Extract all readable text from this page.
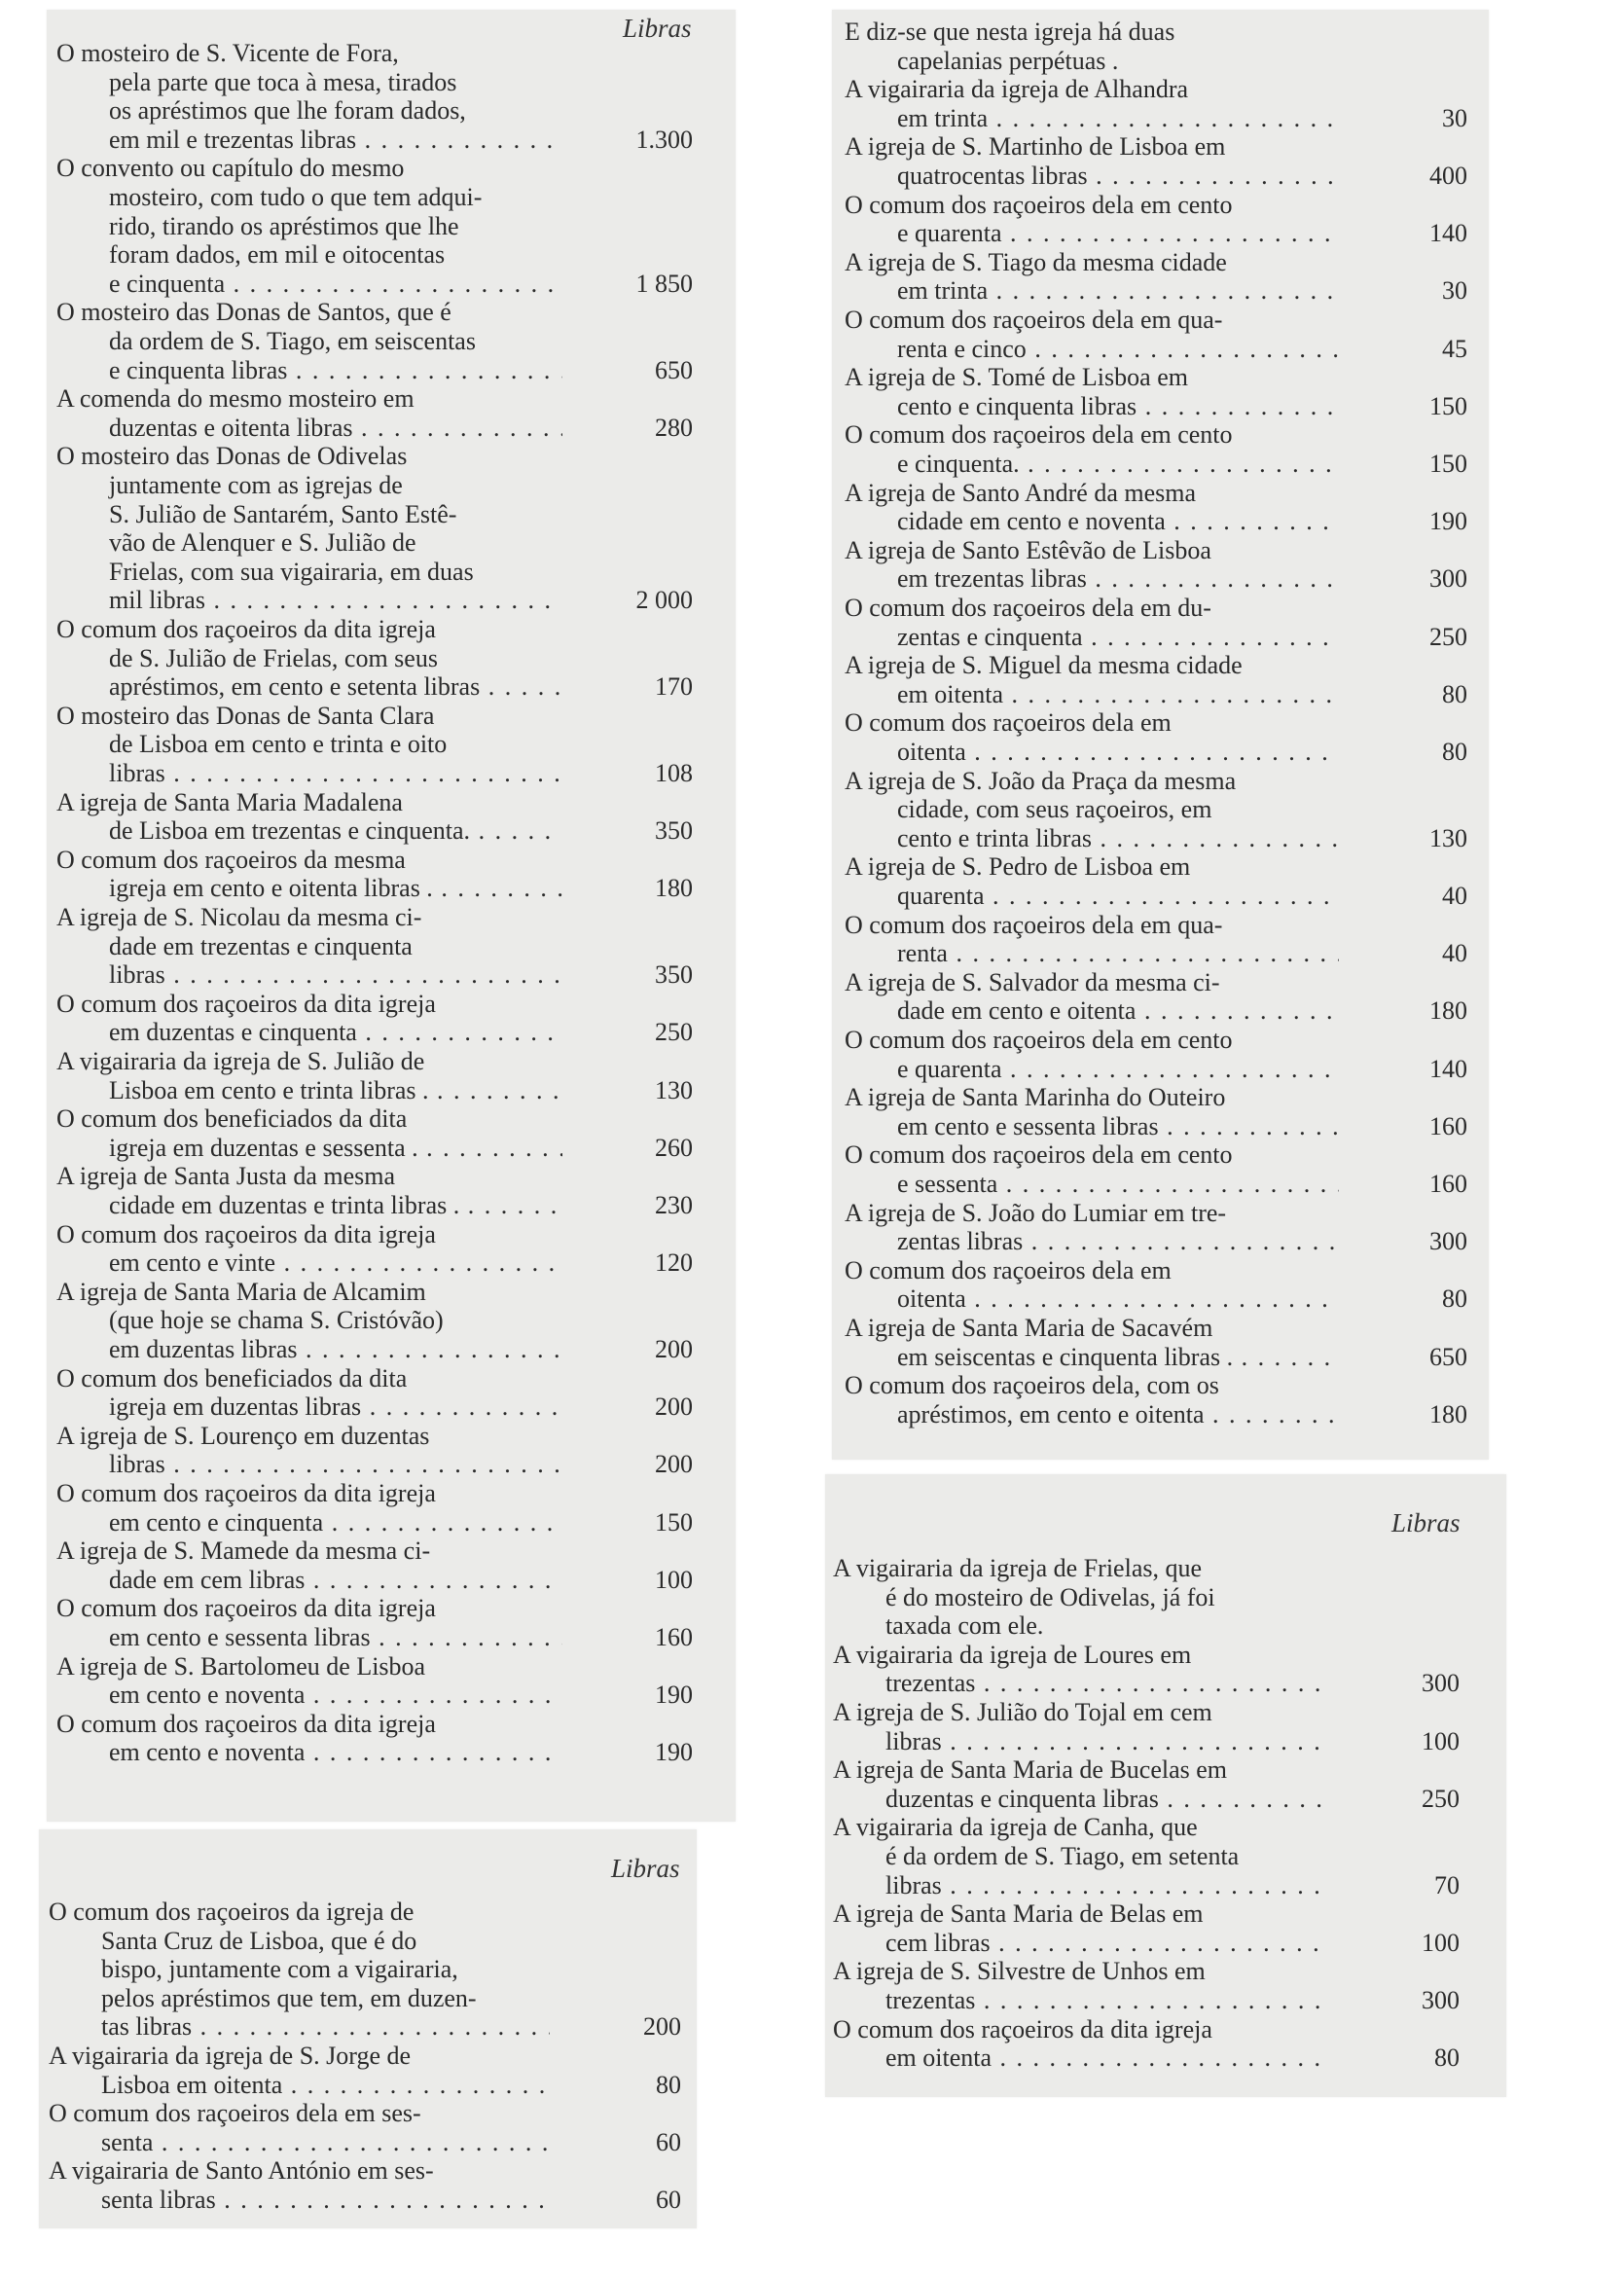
Libras
Libras
Libras
O mosteiro de S. Vicente de Fora,
pela parte que toca à mesa, tirados
os apréstimos que lhe foram dados,
em mil e trezentas libras . . .	1.300
O convento ou capítulo do mesmo
mosteiro, com tudo o que tem adqui-
rido, tirando os apréstimos que lhe
foram dados, em mil e oitocentas
e cinquenta . . .	1 850
O mosteiro das Donas de Santos, que é
da ordem de S. Tiago, em seiscentas
e cinquenta libras . . .	650
A comenda do mesmo mosteiro em
duzentas e oitenta libras . . .	280
O mosteiro das Donas de Odivelas
juntamente com as igrejas de
S. Julião de Santarém, Santo Estê-
vão de Alenquer e S. Julião de
Frielas, com sua vigairaria, em duas
mil libras . . .	2 000
O comum dos raçoeiros da dita igreja
de S. Julião de Frielas, com seus
apréstimos, em cento e setenta libras . . .	170
O mosteiro das Donas de Santa Clara
de Lisboa em cento e trinta e oito
libras . . .	108
A igreja de Santa Maria Madalena
de Lisboa em trezentas e cinquenta. . . .	350
O comum dos raçoeiros da mesma
igreja em cento e oitenta libras . . . .	180
A igreja de S. Nicolau da mesma ci-
dade em trezentas e cinquenta
libras . . .	350
O comum dos raçoeiros da dita igreja
em duzentas e cinquenta . . .	250
A vigairaria da igreja de S. Julião de
Lisboa em cento e trinta libras . . . .	130
O comum dos beneficiados da dita
igreja em duzentas e sessenta . . . .	260
A igreja de Santa Justa da mesma
cidade em duzentas e trinta libras . . . .	230
O comum dos raçoeiros da dita igreja
em cento e vinte . . .	120
A igreja de Santa Maria de Alcamim
(que hoje se chama S. Cristóvão)
em duzentas libras . . .	200
O comum dos beneficiados da dita
igreja em duzentas libras . . .	200
A igreja de S. Lourenço em duzentas
libras . . .	200
O comum dos raçoeiros da dita igreja
em cento e cinquenta . . .	150
A igreja de S. Mamede da mesma ci-
dade em cem libras . . .	100
O comum dos raçoeiros da dita igreja
em cento e sessenta libras . . .	160
A igreja de S. Bartolomeu de Lisboa
em cento e noventa . . .	190
O comum dos raçoeiros da dita igreja
em cento e noventa . . .	190
O comum dos raçoeiros da igreja de
Santa Cruz de Lisboa, que é do
bispo, juntamente com a vigairaria,
pelos apréstimos que tem, em duzen-
tas libras . . .	200
A vigairaria da igreja de S. Jorge de
Lisboa em oitenta . . .	80
O comum dos raçoeiros dela em ses-
senta . . .	60
A vigairaria de Santo António em ses-
senta libras . . .	60
E diz-se que nesta igreja há duas
capelanias perpétuas .
A vigairaria da igreja de Alhandra
em trinta . . .	30
A igreja de S. Martinho de Lisboa em
quatrocentas libras . . .	400
O comum dos raçoeiros dela em cento
e quarenta . . .	140
A igreja de S. Tiago da mesma cidade
em trinta . . .	30
O comum dos raçoeiros dela em qua-
renta e cinco . . .	45
A igreja de S. Tomé de Lisboa em
cento e cinquenta libras . . .	150
O comum dos raçoeiros dela em cento
e cinquenta. . . .	150
A igreja de Santo André da mesma
cidade em cento e noventa . . .	190
A igreja de Santo Estêvão de Lisboa
em trezentas libras . . .	300
O comum dos raçoeiros dela em du-
zentas e cinquenta . . .	250
A igreja de S. Miguel da mesma cidade
em oitenta . . .	80
O comum dos raçoeiros dela em
oitenta . . .	80
A igreja de S. João da Praça da mesma
cidade, com seus raçoeiros, em
cento e trinta libras . . .	130
A igreja de S. Pedro de Lisboa em
quarenta . . .	40
O comum dos raçoeiros dela em qua-
renta . . .	40
A igreja de S. Salvador da mesma ci-
dade em cento e oitenta . . .	180
O comum dos raçoeiros dela em cento
e quarenta . . .	140
A igreja de Santa Marinha do Outeiro
em cento e sessenta libras . . .	160
O comum dos raçoeiros dela em cento
e sessenta . . .	160
A igreja de S. João do Lumiar em tre-
zentas libras . . .	300
O comum dos raçoeiros dela em
oitenta . . .	80
A igreja de Santa Maria de Sacavém
em seiscentas e cinquenta libras . . . .	650
O comum dos raçoeiros dela, com os
apréstimos, em cento e oitenta . . .	180
A vigairaria da igreja de Frielas, que
é do mosteiro de Odivelas, já foi
taxada com ele.
A vigairaria da igreja de Loures em
trezentas . . .	300
A igreja de S. Julião do Tojal em cem
libras . . .	100
A igreja de Santa Maria de Bucelas em
duzentas e cinquenta libras . . .	250
A vigairaria da igreja de Canha, que
é da ordem de S. Tiago, em setenta
libras . . .	70
A igreja de Santa Maria de Belas em
cem libras . . .	100
A igreja de S. Silvestre de Unhos em
trezentas . . .	300
O comum dos raçoeiros da dita igreja
em oitenta . . .	80
